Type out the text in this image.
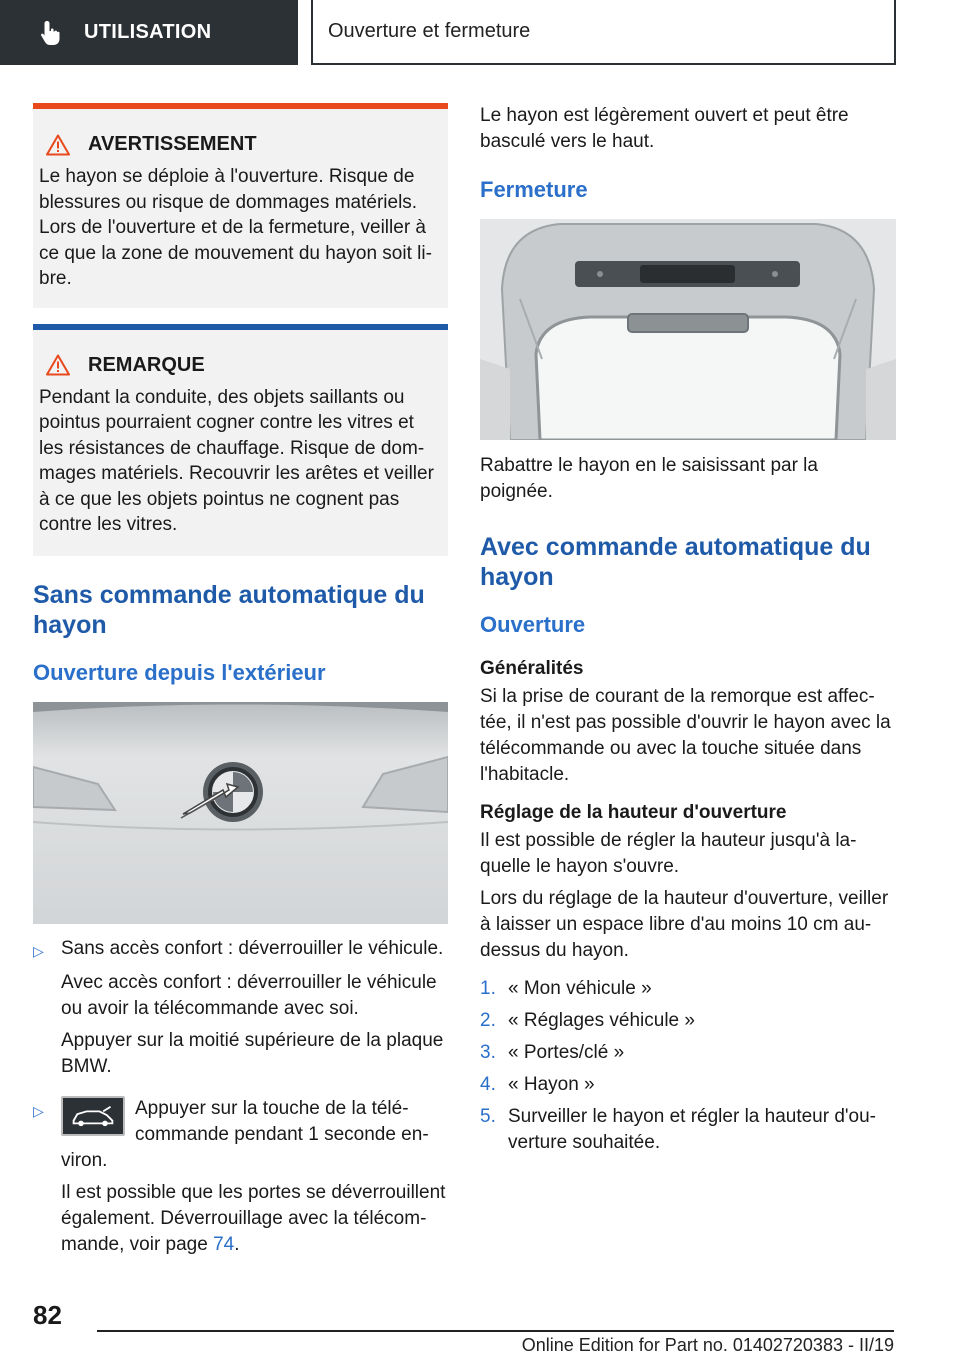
UTILISATION	Ouverture et fermeture
AVERTISSEMENT

Le hayon se déploie à l'ouverture. Risque de blessures ou risque de dommages matériels. Lors de l'ouverture et de la fermeture, veiller à ce que la zone de mouvement du hayon soit li-bre.

REMARQUE

Pendant la conduite, des objets saillants ou pointus pourraient cogner contre les vitres et les résistances de chauffage. Risque de dom-mages matériels. Recouvrir les arêtes et veiller à ce que les objets pointus ne cognent pas contre les vitres.

Sans commande automatique du hayon
Ouverture depuis l'extérieur
▷ Sans accès confort : déverrouiller le véhicule.

Avec accès confort : déverrouiller le véhicule ou avoir la télécommande avec soi.

Appuyer sur la moitié supérieure de la plaque BMW.

▷	Appuyer sur la touche de la télé-commande pendant 1 seconde en-viron.

Il est possible que les portes se déverrouillent également. Déverrouillage avec la télécom-mande, voir page 74.

Le hayon est légèrement ouvert et peut être basculé vers le haut.

Fermeture

Rabattre le hayon en le saisissant par la poignée.

Avec commande automatique du hayon
Ouverture
Généralités

Si la prise de courant de la remorque est affec-tée, il n'est pas possible d'ouvrir le hayon avec la télécommande ou avec la touche située dans l'habitacle.

Réglage de la hauteur d'ouverture

Il est possible de régler la hauteur jusqu'à la-quelle le hayon s'ouvre.

Lors du réglage de la hauteur d'ouverture, veiller à laisser un espace libre d'au moins 10 cm au-dessus du hayon.

1. « Mon véhicule »
2. « Réglages véhicule »
3. « Portes/clé »
4. « Hayon »
5. Surveiller le hayon et régler la hauteur d'ou-verture souhaitée.
82
Online Edition for Part no. 01402720383 - II/19
